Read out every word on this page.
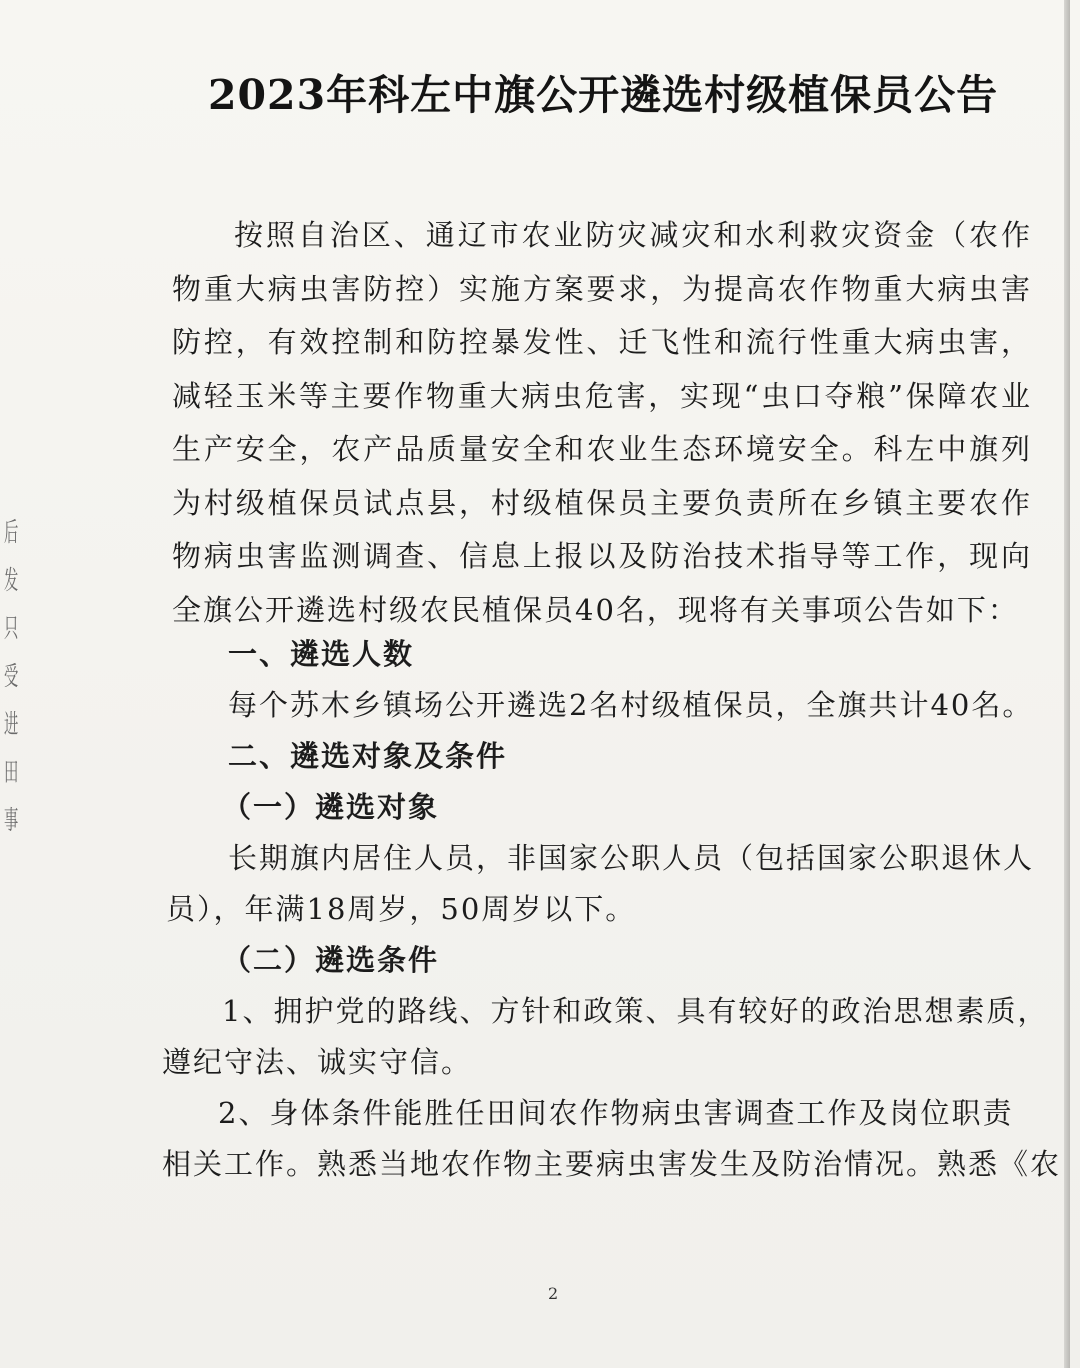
后
发
只
受
进
田
事
2023年科左中旗公开遴选村级植保员公告

按照自治区、通辽市农业防灾减灾和水利救灾资金（农作物重大病虫害防控）实施方案要求，为提高农作物重大病虫害防控，有效控制和防控暴发性、迁飞性和流行性重大病虫害，减轻玉米等主要作物重大病虫危害，实现“虫口夺粮”保障农业生产安全，农产品质量安全和农业生态环境安全。科左中旗列为村级植保员试点县，村级植保员主要负责所在乡镇主要农作物病虫害监测调查、信息上报以及防治技术指导等工作，现向全旗公开遴选村级农民植保员40名，现将有关事项公告如下：

一、遴选人数

每个苏木乡镇场公开遴选2名村级植保员，全旗共计40名。

二、遴选对象及条件

（一）遴选对象

长期旗内居住人员，非国家公职人员（包括国家公职退休人

员），年满18周岁，50周岁以下。

（二）遴选条件

1、拥护党的路线、方针和政策、具有较好的政治思想素质，

遵纪守法、诚实守信。

2、身体条件能胜任田间农作物病虫害调查工作及岗位职责

相关工作。熟悉当地农作物主要病虫害发生及防治情况。熟悉《农

2
